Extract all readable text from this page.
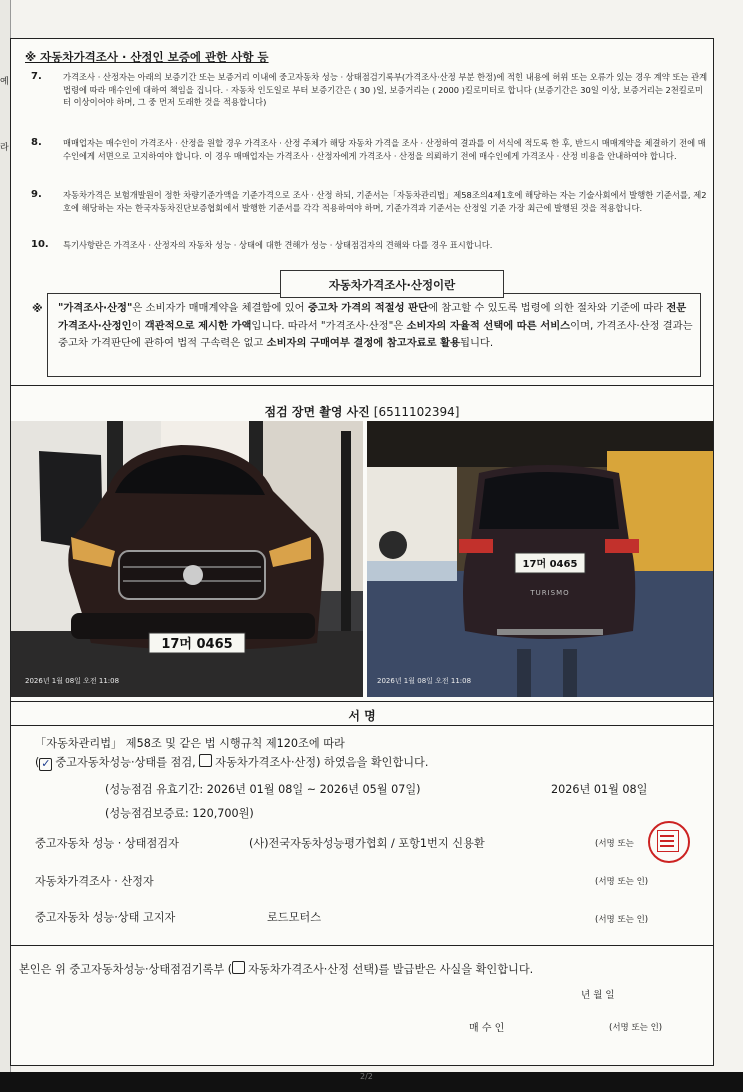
예
라
※ 자동차가격조사 · 산정인 보증에 관한 사항 등
7.	가격조사 · 산정자는 아래의 보증기간 또는 보증거리 이내에 중고자동차 성능 · 상태점검기록부(가격조사·산정 부분 한정)에 적힌 내용에 허위 또는 오류가 있는 경우 계약 또는 관계법령에 따라 매수인에 대하여 책임을 집니다. · 자동차 인도일로 부터 보증기간은 ( 30 )일, 보증거리는 ( 2000 )킬로미터로 합니다 (보증기간은 30일 이상, 보증거리는 2천킬로미터 이상이어야 하며, 그 중 먼저 도래한 것을 적용합니다)
8.	매매업자는 매수인이 가격조사 · 산정을 원할 경우 가격조사 · 산정 주체가 해당 자동차 가격을 조사 · 산정하여 결과를 이 서식에 적도록 한 후, 반드시 매매계약을 체결하기 전에 매수인에게 서면으로 고지하여야 합니다. 이 경우 매매업자는 가격조사 · 산정자에게 가격조사 · 산정을 의뢰하기 전에 매수인에게 가격조사 · 산정 비용을 안내하여야 합니다.
9.	자동차가격은 보험개발원이 정한 차량기준가액을 기준가격으로 조사 · 산정 하되, 기준서는「자동차관리법」제58조의4제1호에 해당하는 자는 기술사회에서 발행한 기준서를, 제2호에 해당하는 자는 한국자동차진단보증협회에서 발행한 기준서를 각각 적용하여야 하며, 기준가격과 기준서는 산정일 기준 가장 최근에 발행된 것을 적용합니다.
10. 특기사항란은 가격조사 · 산정자의 자동차 성능 · 상태에 대한 견해가 성능 · 상태점검자의 견해와 다를 경우 표시합니다.
자동차가격조사·산정이란
※ "가격조사·산정"은 소비자가 매매계약을 체결함에 있어 중고차 가격의 적절성 판단에 참고할 수 있도록 법령에 의한 절차와 기준에 따라 전문 가격조사·산정인이 객관적으로 제시한 가액입니다. 따라서 "가격조사·산정"은 소비자의 자율적 선택에 따른 서비스이며, 가격조사·산정 결과는 중고차 가격판단에 관하여 법적 구속력은 없고 소비자의 구매여부 결정에 참고자료로 활용됩니다.
점검 장면 촬영 사진 [6511102394]
17머 0465
2026년 1월 08일 오전 11:08
17머 0465
TURISMO
2026년 1월 08일 오전 11:08
서 명
「자동차관리법」 제58조 및 같은 법 시행규칙 제120조에 따라
( ✓ 중고자동차성능·상태를 점검, 자동차가격조사·산정) 하였음을 확인합니다.
(성능점검 유효기간: 2026년 01월 08일 ~ 2026년 05월 07일)	2026년 01월 08일
(성능점검보증료: 120,700원)
중고자동차 성능 · 상태점검자	(사)전국자동차성능평가협회 / 포항1번지 신용환	(서명 또는
자동차가격조사 · 산정자	(서명 또는 인)
중고자동차 성능·상태 고지자	로드모터스	(서명 또는 인)
본인은 위 중고자동차성능·상태점검기록부 ( 자동차가격조사·산정 선택)를 발급받은 사실을 확인합니다.
년 월 일
매 수 인	(서명 또는 인)
2/2
